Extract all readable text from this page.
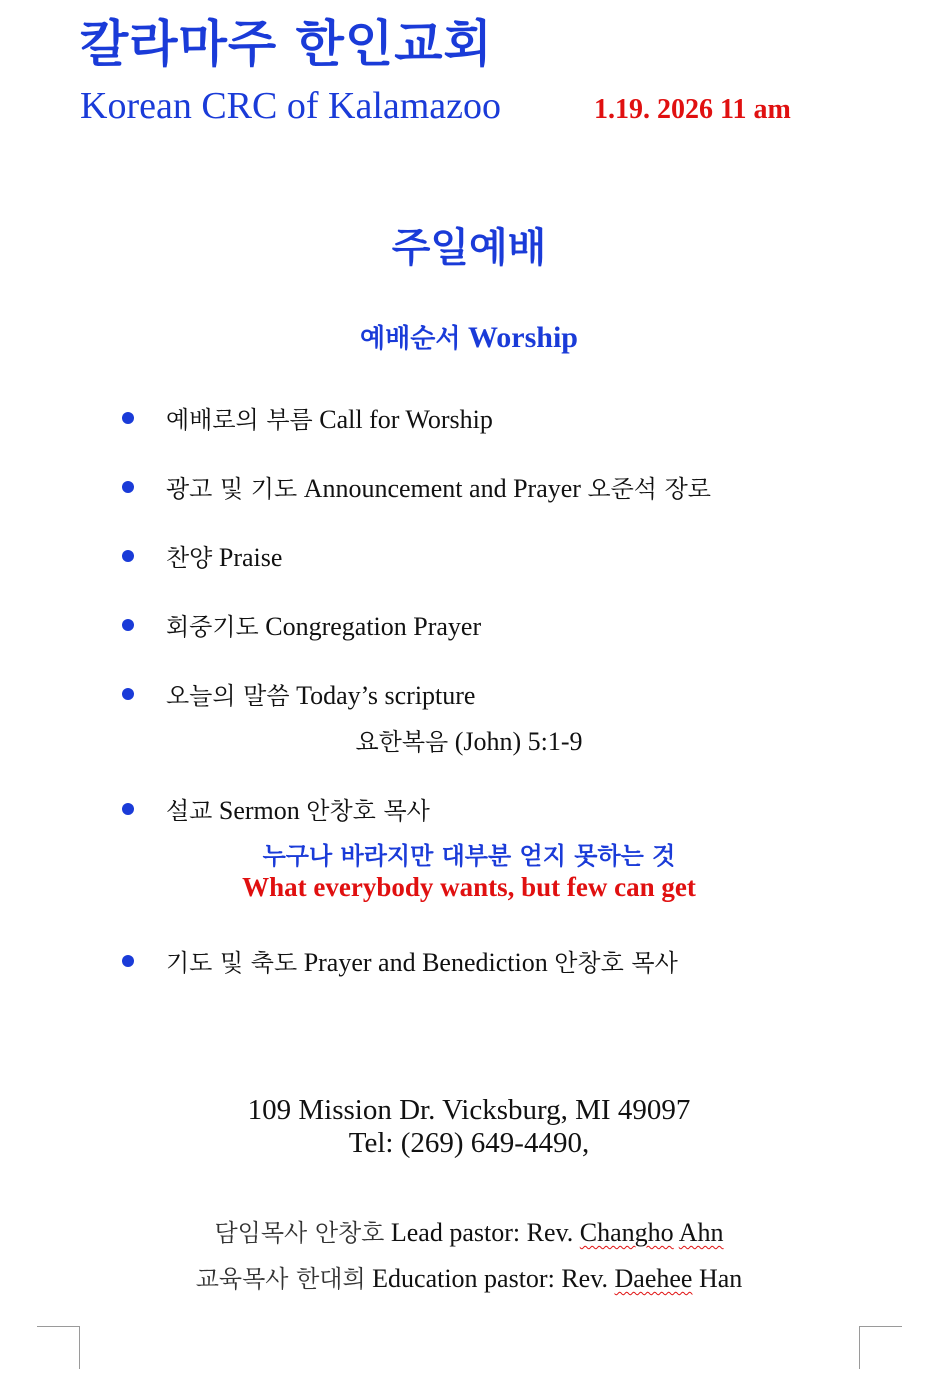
칼라마주 한인교회
Korean CRC of Kalamazoo	1.19. 2026 11 am
주일예배
예배순서 Worship
예배로의 부름 Call for Worship
광고 및 기도 Announcement and Prayer 오준석 장로
찬양 Praise
회중기도 Congregation Prayer
오늘의 말씀 Today’s scripture
요한복음 (John) 5:1-9
설교 Sermon 안창호 목사
누구나 바라지만 대부분 얻지 못하는 것
What everybody wants, but few can get
기도 및 축도 Prayer and Benediction 안창호 목사
109 Mission Dr. Vicksburg, MI 49097
Tel: (269) 649-4490,
담임목사 안창호 Lead pastor: Rev. Changho Ahn
교육목사 한대희 Education pastor: Rev. Daehee Han
